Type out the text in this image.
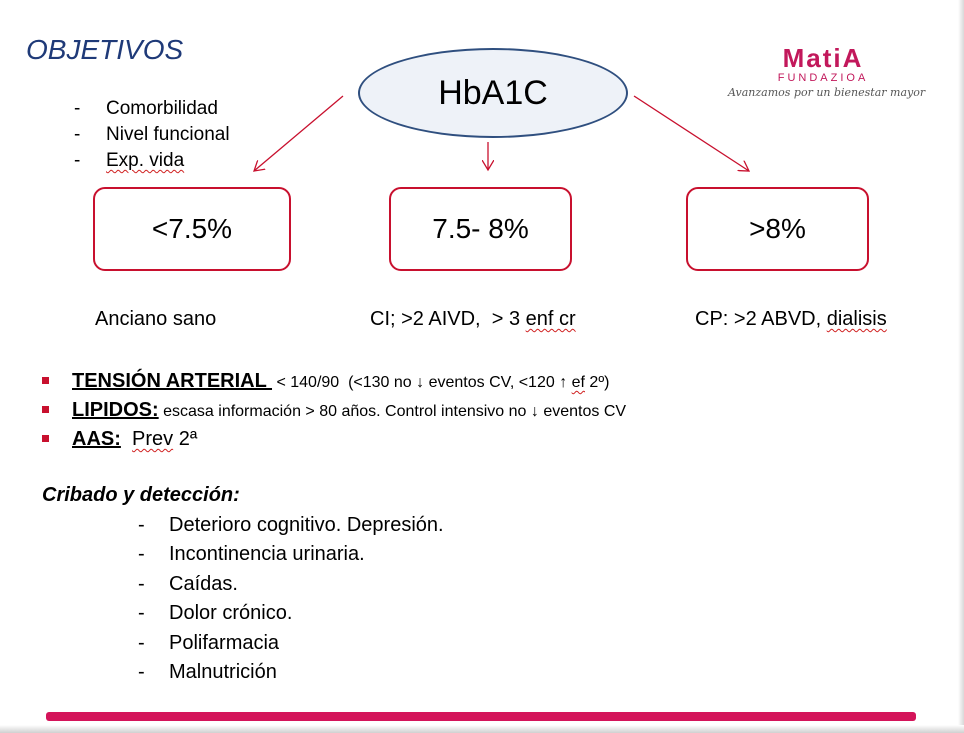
OBJETIVOS
- Comorbilidad
- Nivel funcional
- Exp. vida
MatiA
FUNDAZIOA
Avanzamos por un bienestar mayor
HbA1C
<7.5%	7.5- 8%	>8%
Anciano sano	CI; >2 AIVD,  > 3 enf cr	CP: >2 ABVD, dialisis
TENSIÓN ARTERIAL  < 140/90  (<130 no ↓ eventos CV, <120 ↑ ef 2º)
LIPIDOS: escasa información > 80 años. Control intensivo no ↓ eventos CV
AAS: Prev 2ª
Cribado y detección:
- Deterioro cognitivo. Depresión.
- Incontinencia urinaria.
- Caídas.
- Dolor crónico.
- Polifarmacia
- Malnutrición
